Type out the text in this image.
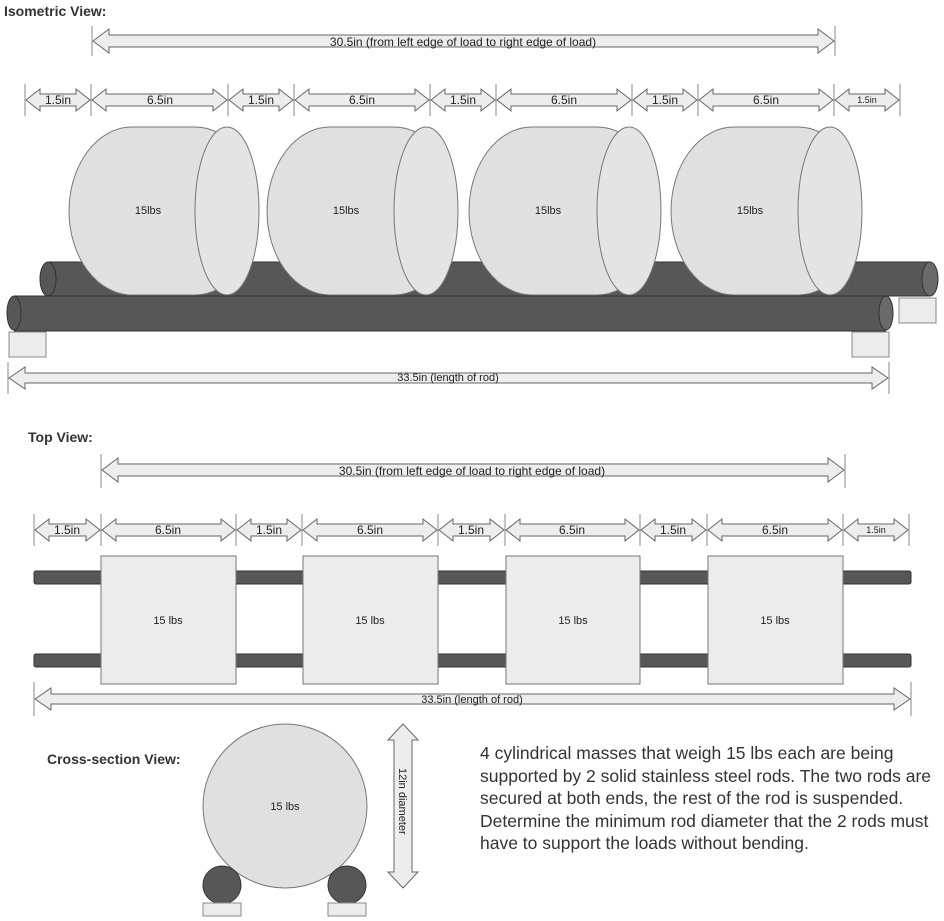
Isometric View:
30.5in (from left edge of load to right edge of load)
1.5in	6.5in	1.5in	6.5in	1.5in	6.5in	1.5in	6.5in	1.5in
15lbs	15lbs	15lbs	15lbs
33.5in (length of rod)
Top View:
30.5in (from left edge of load to right edge of load)
1.5in	6.5in	1.5in	6.5in	1.5in	6.5in	1.5in	6.5in	1.5in
15 lbs	15 lbs	15 lbs	15 lbs
33.5in (length of rod)
Cross-section View:
15 lbs	12in diameter
4 cylindrical masses that weigh 15 lbs each are being supported by 2 solid stainless steel rods. The two rods are secured at both ends, the rest of the rod is suspended. Determine the minimum rod diameter that the 2 rods must have to support the loads without bending.
